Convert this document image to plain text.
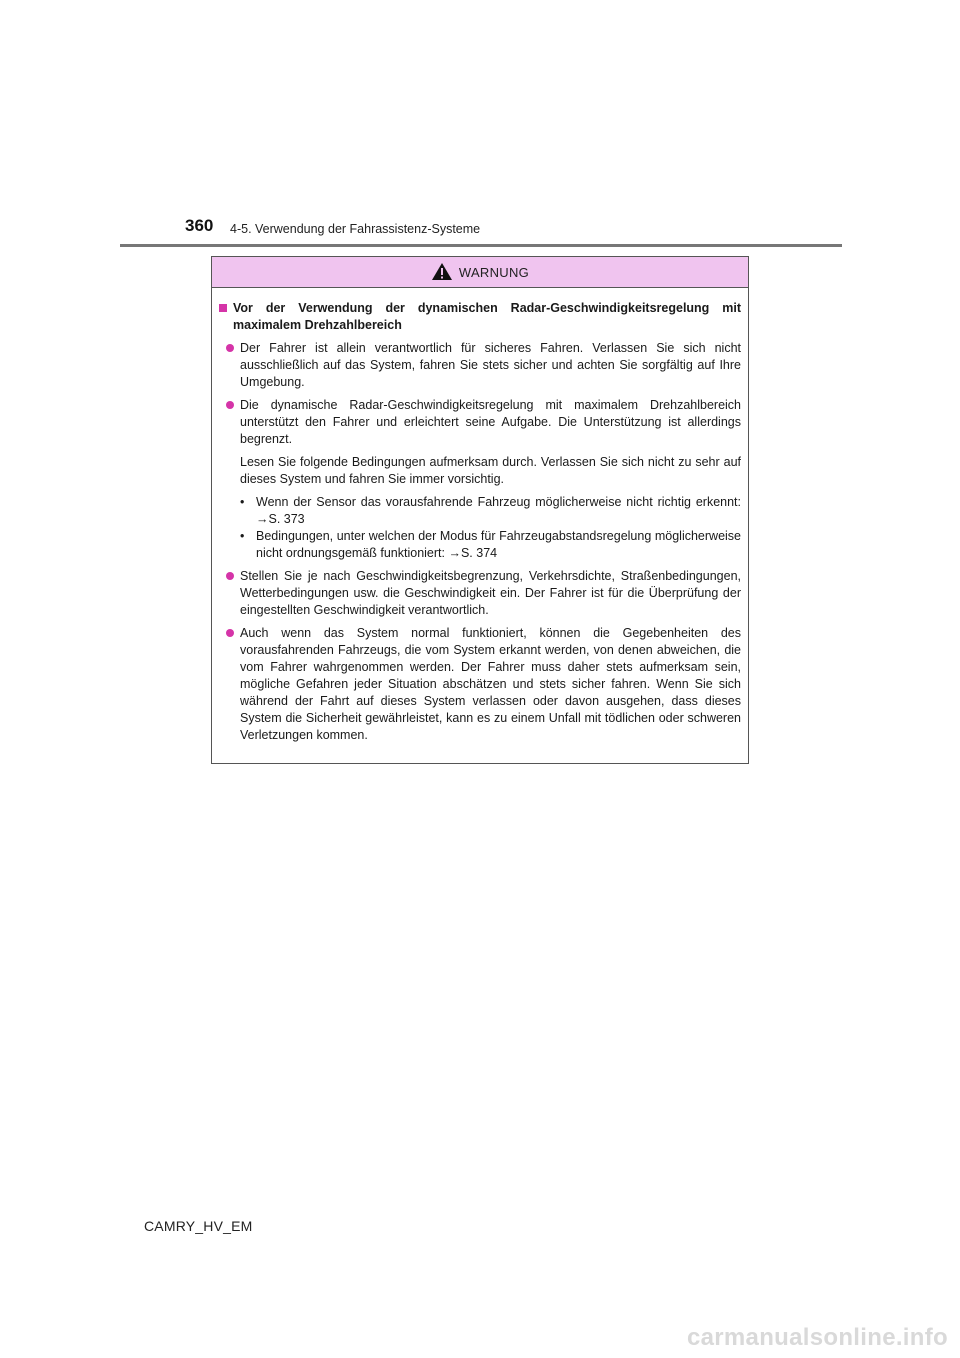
360 4-5. Verwendung der Fahrassistenz-Systeme
WARNUNG
Vor der Verwendung der dynamischen Radar-Geschwindigkeitsregelung mit maximalem Drehzahlbereich
Der Fahrer ist allein verantwortlich für sicheres Fahren. Verlassen Sie sich nicht ausschließlich auf das System, fahren Sie stets sicher und achten Sie sorgfältig auf Ihre Umgebung.
Die dynamische Radar-Geschwindigkeitsregelung mit maximalem Drehzahlbereich unterstützt den Fahrer und erleichtert seine Aufgabe. Die Unterstützung ist allerdings begrenzt.
Lesen Sie folgende Bedingungen aufmerksam durch. Verlassen Sie sich nicht zu sehr auf dieses System und fahren Sie immer vorsichtig.
• Wenn der Sensor das vorausfahrende Fahrzeug möglicherweise nicht richtig erkennt: →S. 373
• Bedingungen, unter welchen der Modus für Fahrzeugabstandsregelung möglicherweise nicht ordnungsgemäß funktioniert: →S. 374
Stellen Sie je nach Geschwindigkeitsbegrenzung, Verkehrsdichte, Straßenbedingungen, Wetterbedingungen usw. die Geschwindigkeit ein. Der Fahrer ist für die Überprüfung der eingestellten Geschwindigkeit verantwortlich.
Auch wenn das System normal funktioniert, können die Gegebenheiten des vorausfahrenden Fahrzeugs, die vom System erkannt werden, von denen abweichen, die vom Fahrer wahrgenommen werden. Der Fahrer muss daher stets aufmerksam sein, mögliche Gefahren jeder Situation abschätzen und stets sicher fahren. Wenn Sie sich während der Fahrt auf dieses System verlassen oder davon ausgehen, dass dieses System die Sicherheit gewährleistet, kann es zu einem Unfall mit tödlichen oder schweren Verletzungen kommen.
CAMRY_HV_EM
carmanualsonline.info
